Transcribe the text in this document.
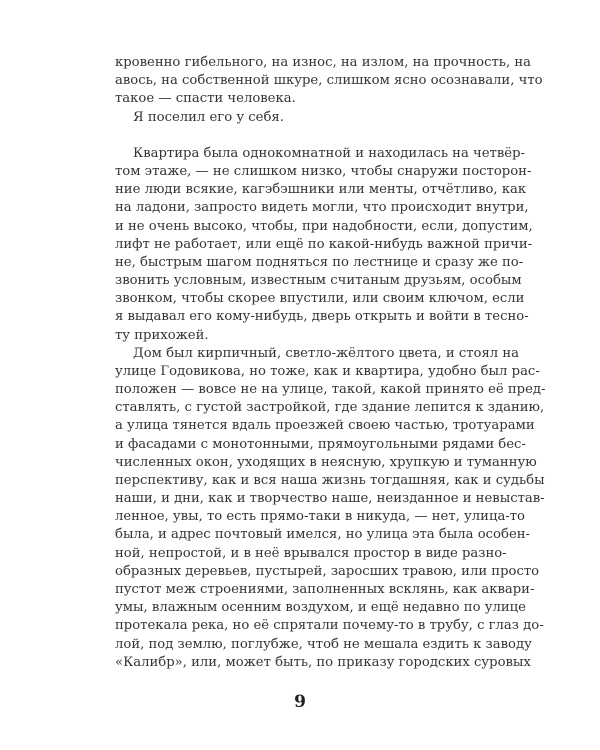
кровенно гибельного, на износ, на излом, на прочность, на
авось, на собственной шкуре, слишком ясно осознавали, что
такое — спасти человека.
Я поселил его у себя.
Квартира была однокомнатной и находилась на четвёр-
том этаже, — не слишком низко, чтобы снаружи посторон-
ние люди всякие, кагэбэшники или менты, отчётливо, как
на ладони, запросто видеть могли, что происходит внутри,
и не очень высоко, чтобы, при надобности, если, допустим,
лифт не работает, или ещё по какой-нибудь важной причи-
не, быстрым шагом подняться по лестнице и сразу же по-
звонить условным, известным считаным друзьям, особым
звонком, чтобы скорее впустили, или своим ключом, если
я выдавал его кому-нибудь, дверь открыть и войти в тесно-
ту прихожей.
Дом был кирпичный, светло-жёлтого цвета, и стоял на
улице Годовикова, но тоже, как и квартира, удобно был рас-
положен — вовсе не на улице, такой, какой принято её пред-
ставлять, с густой застройкой, где здание лепится к зданию,
а улица тянется вдаль проезжей своею частью, тротуарами
и фасадами с монотонными, прямоугольными рядами бес-
численных окон, уходящих в неясную, хрупкую и туманную
перспективу, как и вся наша жизнь тогдашняя, как и судьбы
наши, и дни, как и творчество наше, неизданное и невыстав-
ленное, увы, то есть прямо-таки в никуда, — нет, улица-то
была, и адрес почтовый имелся, но улица эта была особен-
ной, непростой, и в неё врывался простор в виде разно-
образных деревьев, пустырей, заросших травою, или просто
пустот меж строениями, заполненных всклянь, как аквари-
умы, влажным осенним воздухом, и ещё недавно по улице
протекала река, но её спрятали почему-то в трубу, с глаз до-
лой, под землю, поглубже, чтоб не мешала ездить к заводу
«Калибр», или, может быть, по приказу городских суровых
9
